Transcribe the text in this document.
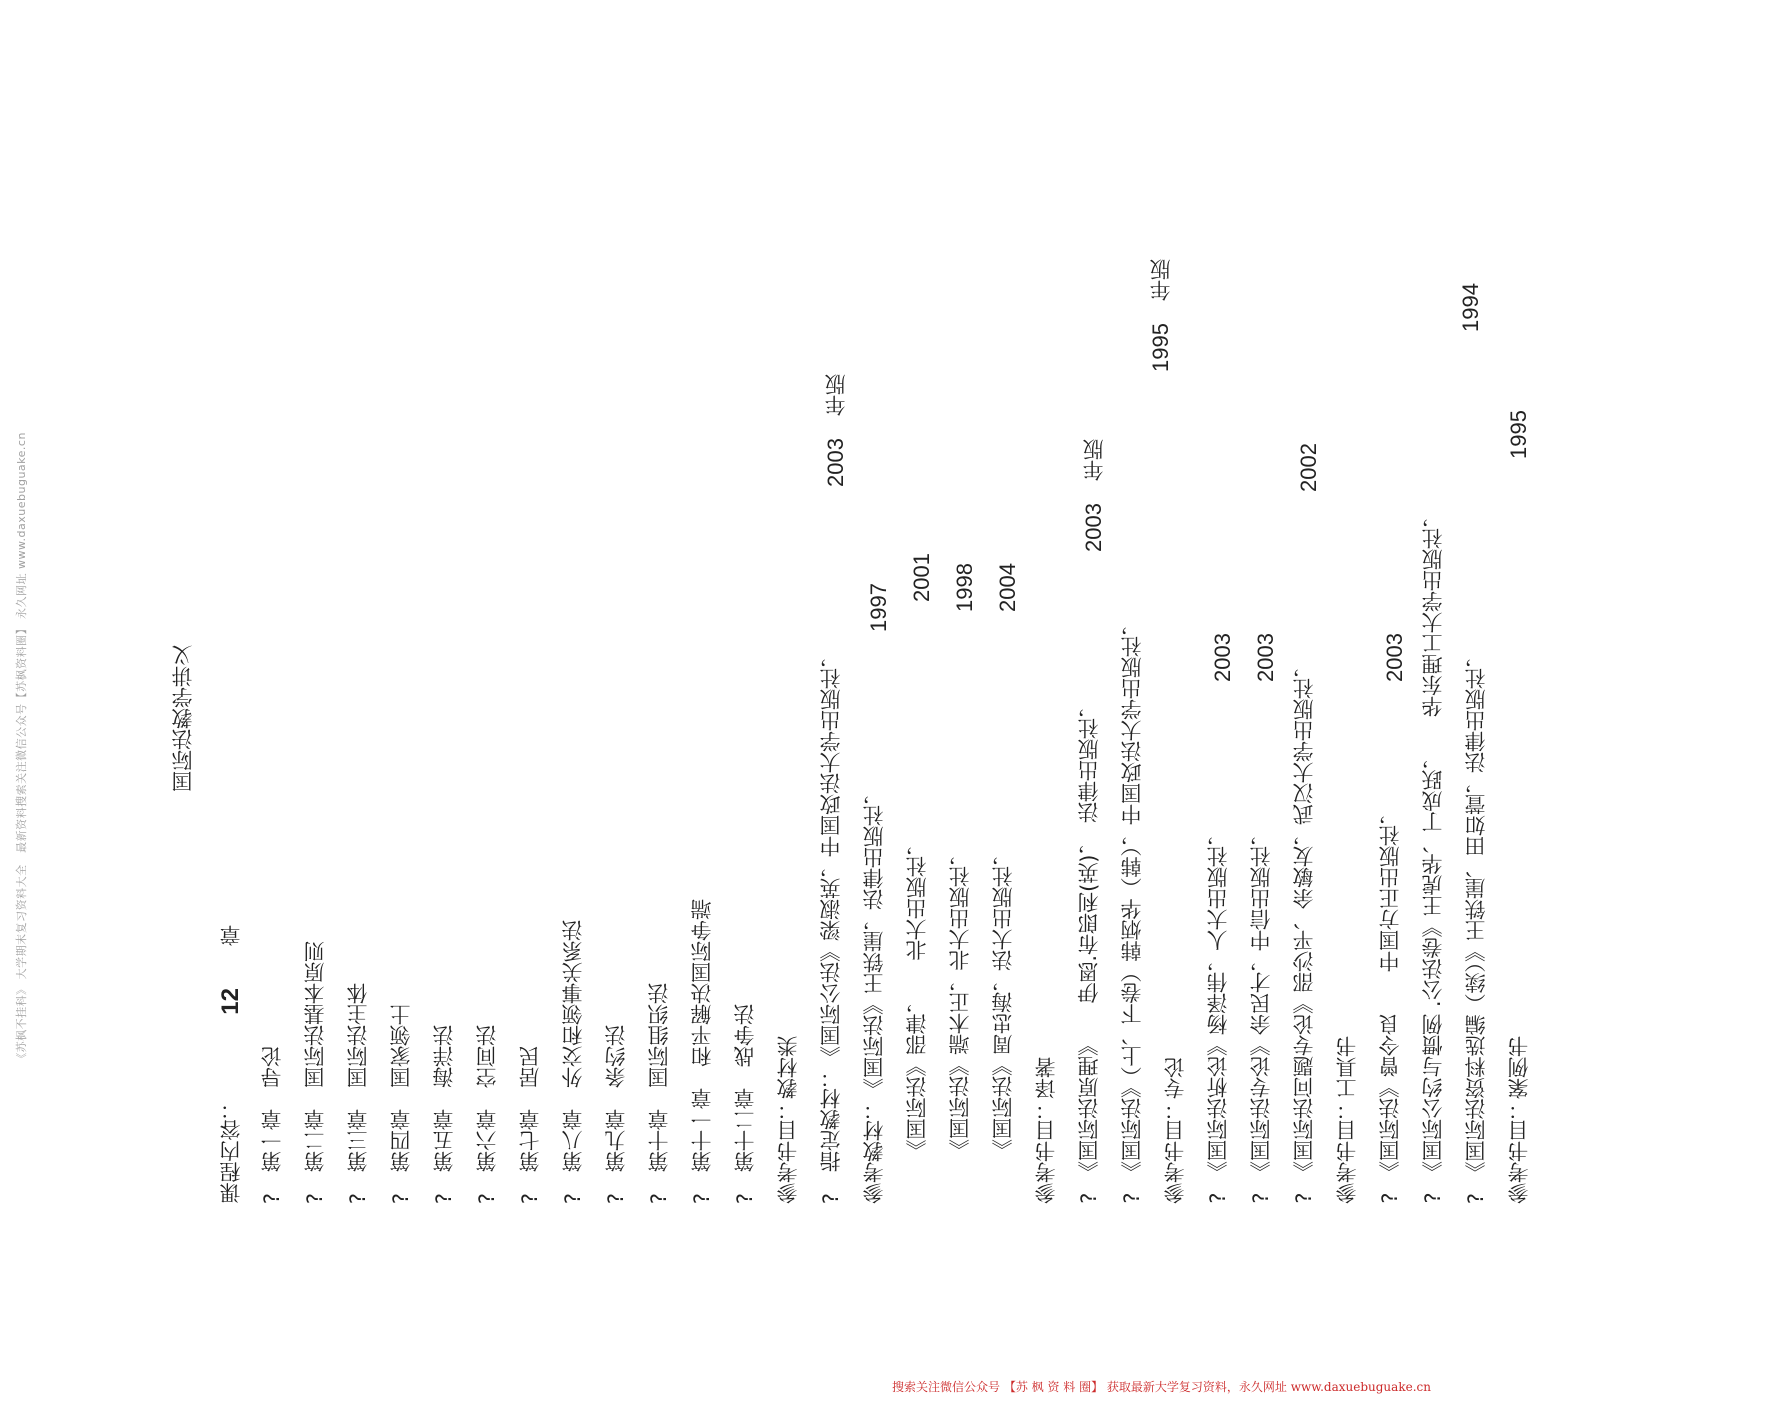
《苏枫不挂科》 大学期末复习资料大全　最新资料搜索关注微信公众号【苏枫资料圈】 永久网址 www.daxuebuguake.cn	国际法教学讲义
课程内容：　　　　12　　章
?　第一章　导论
?　第二章　国际法基本原则
?　第三章　国际法主体
?　第四章　国家领土
?　第五章　海洋法
?　第六章　空间法
?　第七章　居民
?　第八章　外交和领事关系法
?　第九章　条约法
?　第十章　国际组织法
?　第十一章　和平解决国际争端
?　第十二章　战争法
参考书目：教材类 ?　指定教材：《国际公法》梁淑英，中国政法大学出版社，
2003　年版
参考教材：《国际法》王铁崖，法律出版社，
1997
《国际法》邵津，　　北大出版社，
2001
《国际法》端木正，北大出版社，
1998
《国际法》周忠海，法大出版社，
2004
参考书目：译著 ?　《国际法原理》　　伊恩.布郎利(英)，　法律出版社，
2003　年版
?　《国际法》（上、下卷）韩炳华（韩），中国政法大学出版社，
1995　年版
参考书目：专论 ?　《国际法析论》杨泽伟，人大出版社，
2003
?　《国际法专论》余民才，中信出版社，
2003
?　《国际法问题专论》邵沙平、余敏友，武汉大学出版社，
2002
参考书目：工具书 ?　《国际法》曾令良　　中国方正出版社，
2003
?　《国际公约与惯例 .公法卷》王虎华、丁成跃，　　华东理工大学出版社，
1994
?　《国际法资料选编（续）》王铁崖、田如萱，法律出版社，
1995
参考书目：案例书
搜索关注微信公众号 【苏 枫 资 料 圈】 获取最新大学复习资料，永久网址 www.daxuebuguake.cn
